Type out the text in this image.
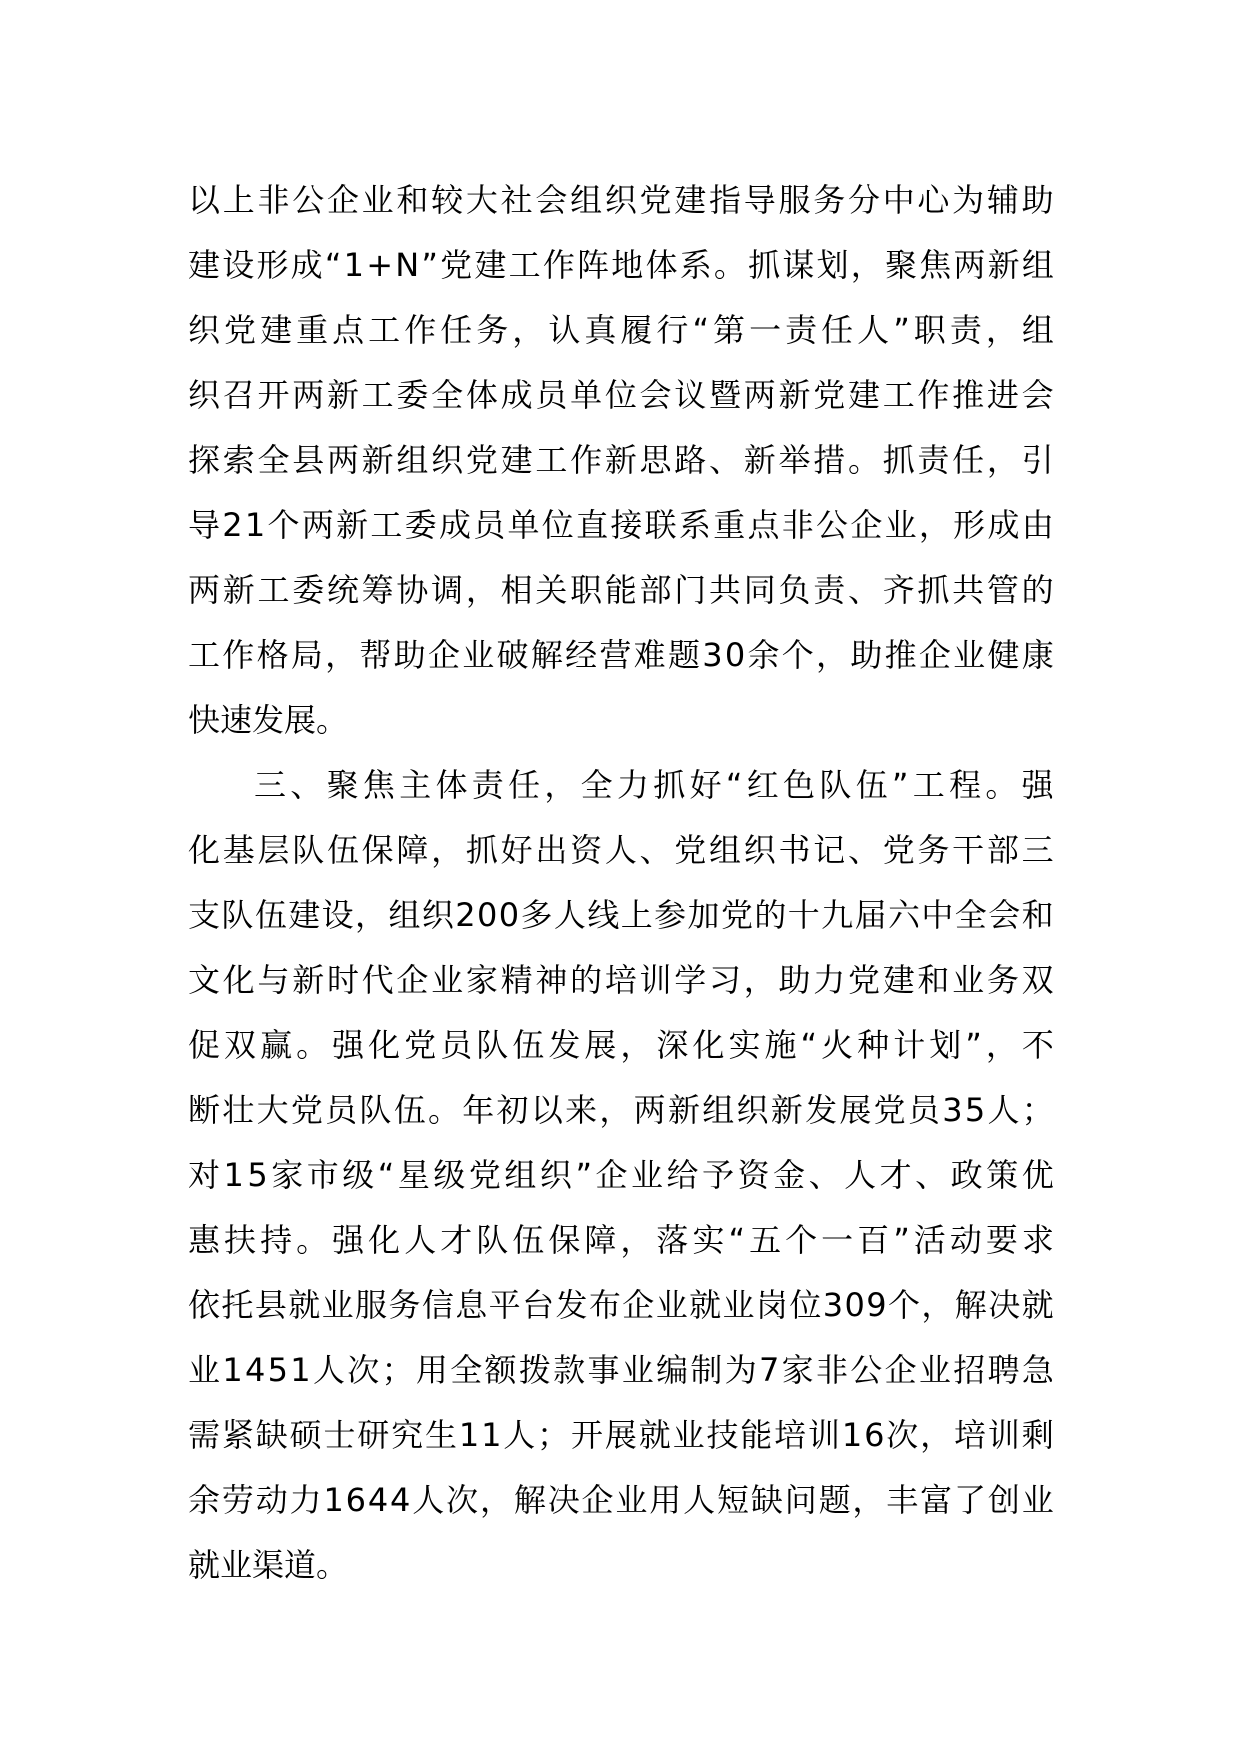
以 上 非 公 企 业 和 较 大 社 会 组 织 党 建 指 导 服 务 分 中 心 为 辅 助
建 设 形 成 “ 1 + N ” 党 建 工 作 阵 地 体 系 。 抓 谋 划 ， 聚 焦 两 新 组
织 党 建 重 点 工 作 任 务 ， 认 真 履 行 “ 第 一 责 任 人 ” 职 责 ， 组
织 召 开 两 新 工 委 全 体 成 员 单 位 会 议 暨 两 新 党 建 工 作 推 进 会
探 索 全 县 两 新 组 织 党 建 工 作 新 思 路 、 新 举 措 。 抓 责 任 ， 引
导 2 1 个 两 新 工 委 成 员 单 位 直 接 联 系 重 点 非 公 企 业 ， 形 成 由
两 新 工 委 统 筹 协 调 ， 相 关 职 能 部 门 共 同 负 责 、 齐 抓 共 管 的
工 作 格 局 ， 帮 助 企 业 破 解 经 营 难 题 3 0 余 个 ， 助 推 企 业 健 康
快速发展。
三 、 聚 焦 主 体 责 任 ， 全 力 抓 好 “ 红 色 队 伍 ” 工 程 。 强
化 基 层 队 伍 保 障 ， 抓 好 出 资 人 、 党 组 织 书 记 、 党 务 干 部 三
支 队 伍 建 设 ， 组 织 2 0 0 多 人 线 上 参 加 党 的 十 九 届 六 中 全 会 和
文 化 与 新 时 代 企 业 家 精 神 的 培 训 学 习 ， 助 力 党 建 和 业 务 双
促 双 赢 。 强 化 党 员 队 伍 发 展 ， 深 化 实 施 “ 火 种 计 划 ” ， 不
断 壮 大 党 员 队 伍 。 年 初 以 来 ， 两 新 组 织 新 发 展 党 员 3 5 人 ；
对 1 5 家 市 级 “ 星 级 党 组 织 ” 企 业 给 予 资 金 、 人 才 、 政 策 优
惠 扶 持 。 强 化 人 才 队 伍 保 障 ， 落 实 “ 五 个 一 百 ” 活 动 要 求
依 托 县 就 业 服 务 信 息 平 台 发 布 企 业 就 业 岗 位 3 0 9 个 ， 解 决 就
业 1 4 5 1 人 次 ； 用 全 额 拨 款 事 业 编 制 为 7 家 非 公 企 业 招 聘 急
需 紧 缺 硕 士 研 究 生 1 1 人 ； 开 展 就 业 技 能 培 训 1 6 次 ， 培 训 剩
余 劳 动 力 1 6 4 4 人 次 ， 解 决 企 业 用 人 短 缺 问 题 ， 丰 富 了 创 业
就业渠道。
